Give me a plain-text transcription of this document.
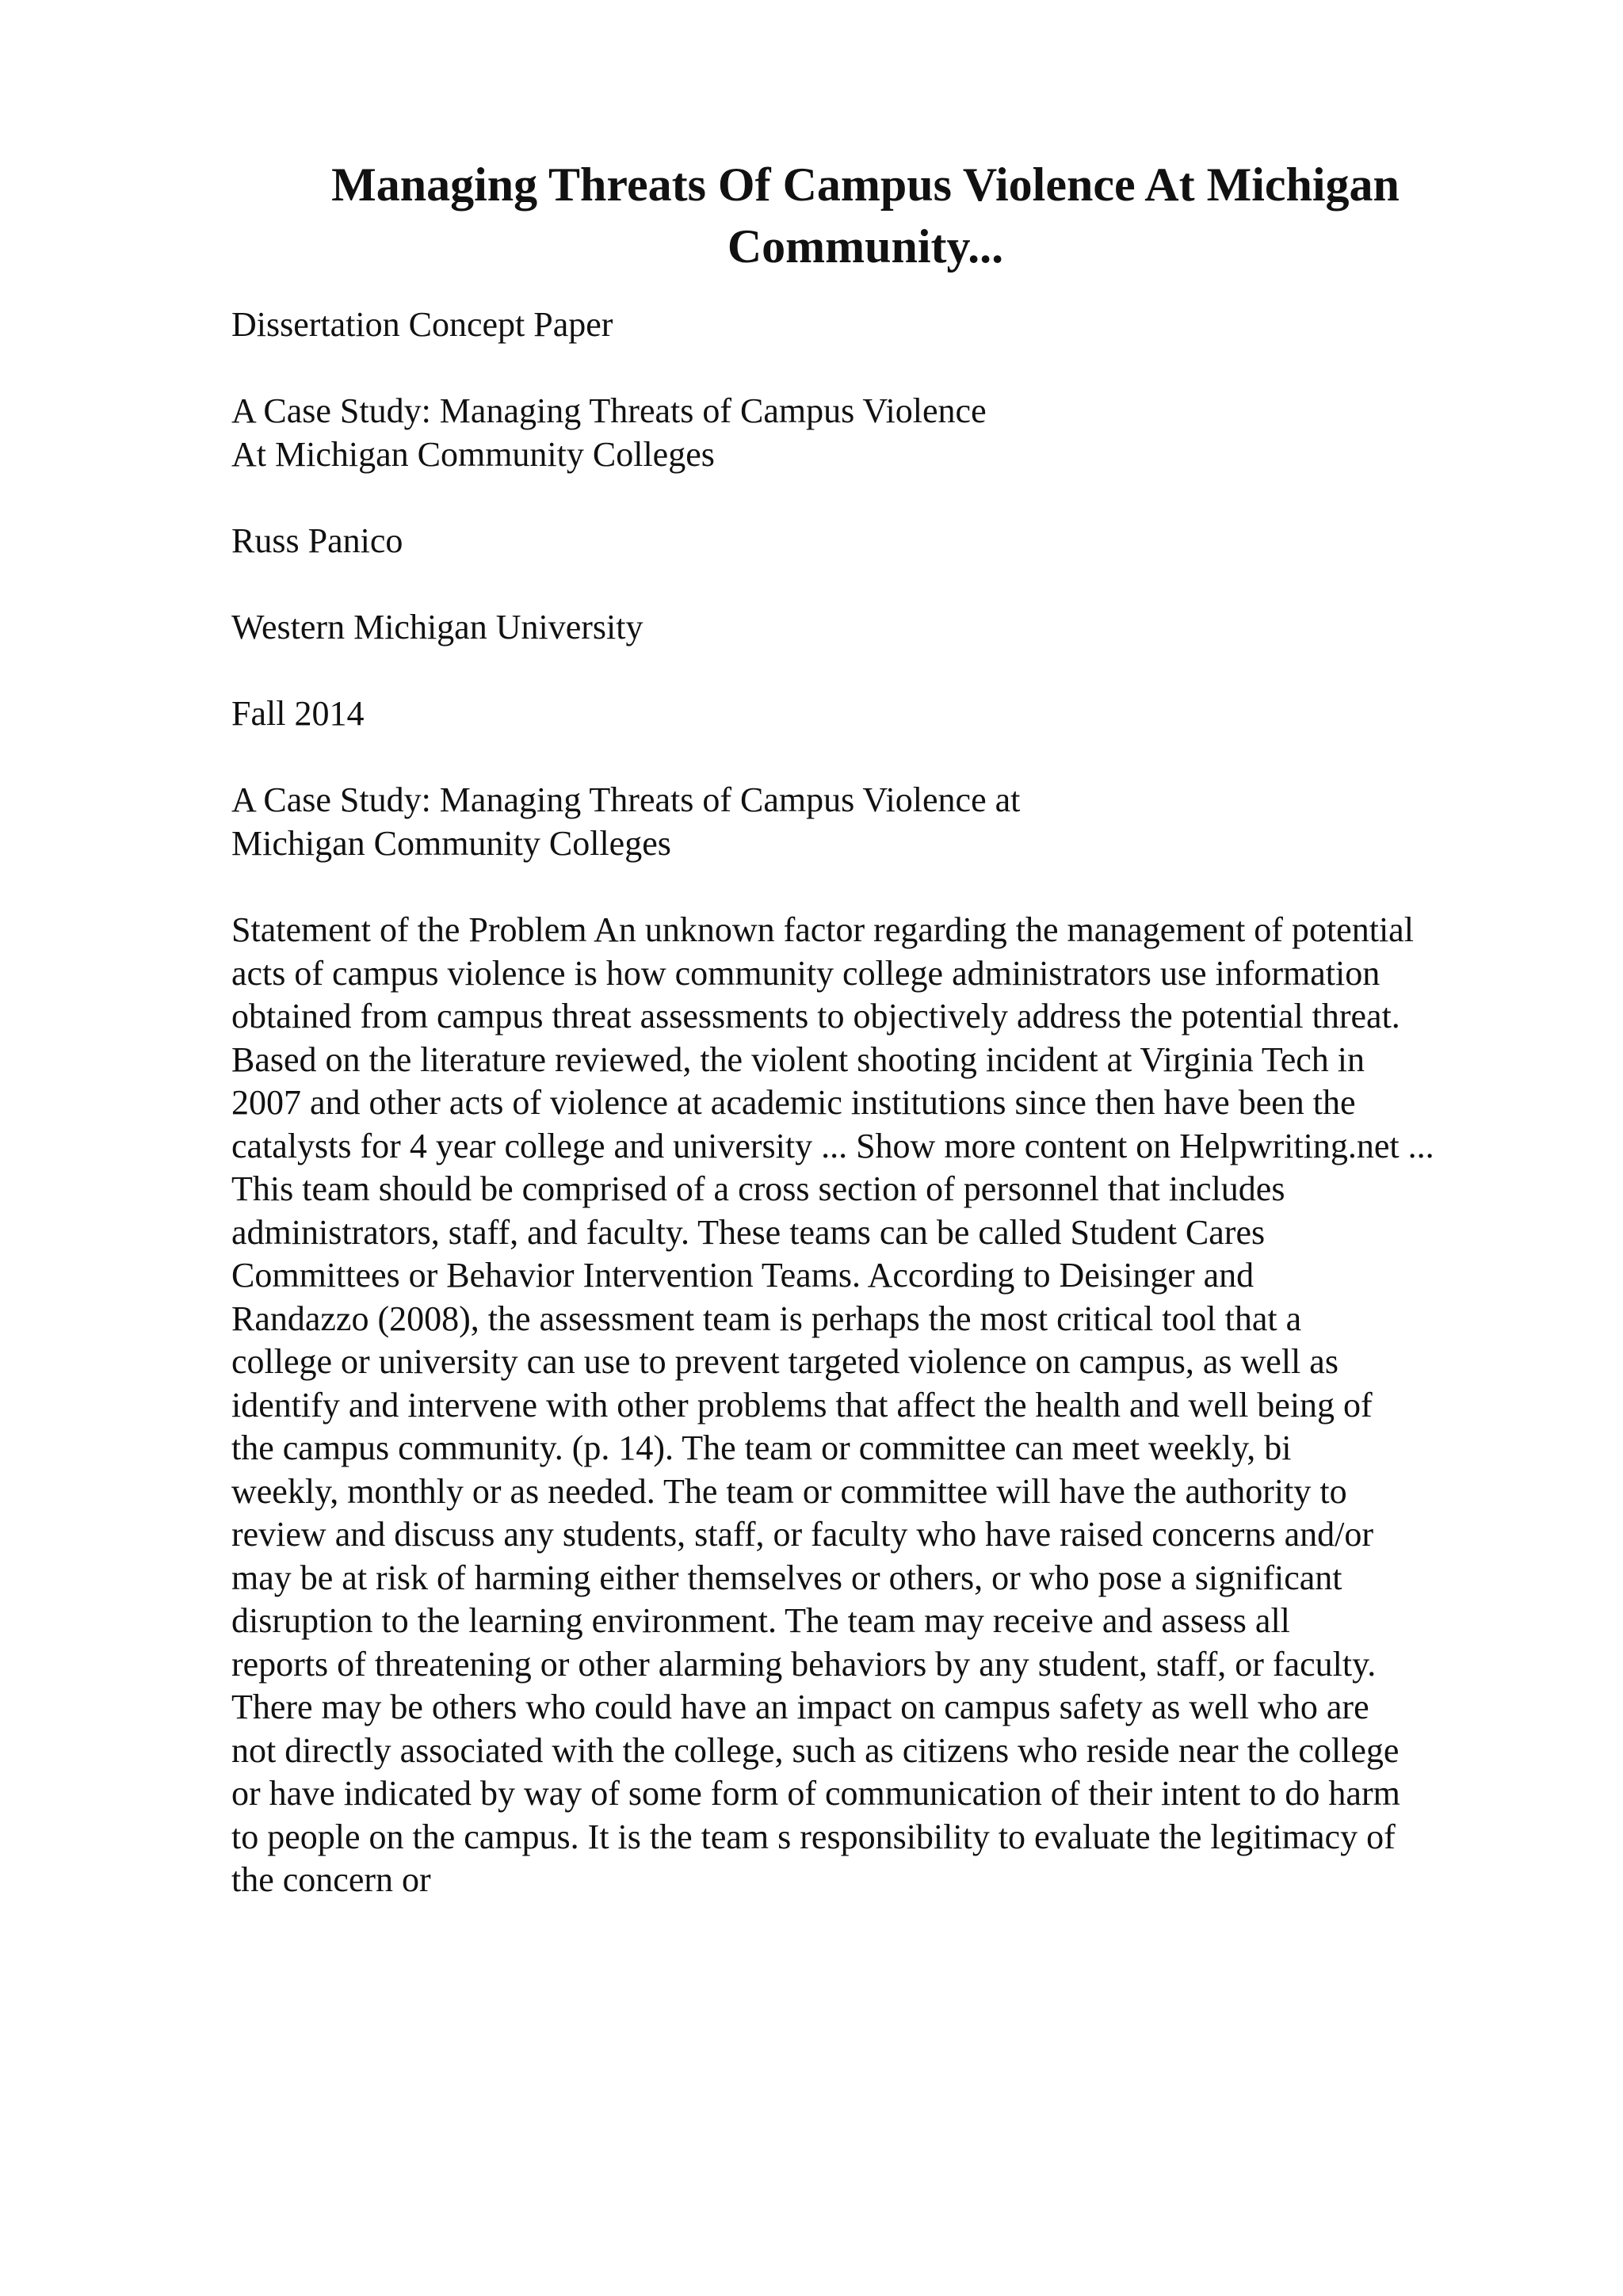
Managing Threats Of Campus Violence At Michigan
Community...

Dissertation Concept Paper

A Case Study: Managing Threats of Campus Violence
At Michigan Community Colleges

Russ Panico

Western Michigan University

Fall 2014

A Case Study: Managing Threats of Campus Violence at
Michigan Community Colleges

Statement of the Problem An unknown factor regarding the management of potential
acts of campus violence is how community college administrators use information
obtained from campus threat assessments to objectively address the potential threat.
Based on the literature reviewed, the violent shooting incident at Virginia Tech in
2007 and other acts of violence at academic institutions since then have been the
catalysts for 4 year college and university ... Show more content on Helpwriting.net ...
This team should be comprised of a cross section of personnel that includes
administrators, staff, and faculty. These teams can be called Student Cares
Committees or Behavior Intervention Teams. According to Deisinger and
Randazzo (2008), the assessment team is perhaps the most critical tool that a
college or university can use to prevent targeted violence on campus, as well as
identify and intervene with other problems that affect the health and well being of
the campus community. (p. 14). The team or committee can meet weekly, bi
weekly, monthly or as needed. The team or committee will have the authority to
review and discuss any students, staff, or faculty who have raised concerns and/or
may be at risk of harming either themselves or others, or who pose a significant
disruption to the learning environment. The team may receive and assess all
reports of threatening or other alarming behaviors by any student, staff, or faculty.
There may be others who could have an impact on campus safety as well who are
not directly associated with the college, such as citizens who reside near the college
or have indicated by way of some form of communication of their intent to do harm
to people on the campus. It is the team s responsibility to evaluate the legitimacy of
the concern or
